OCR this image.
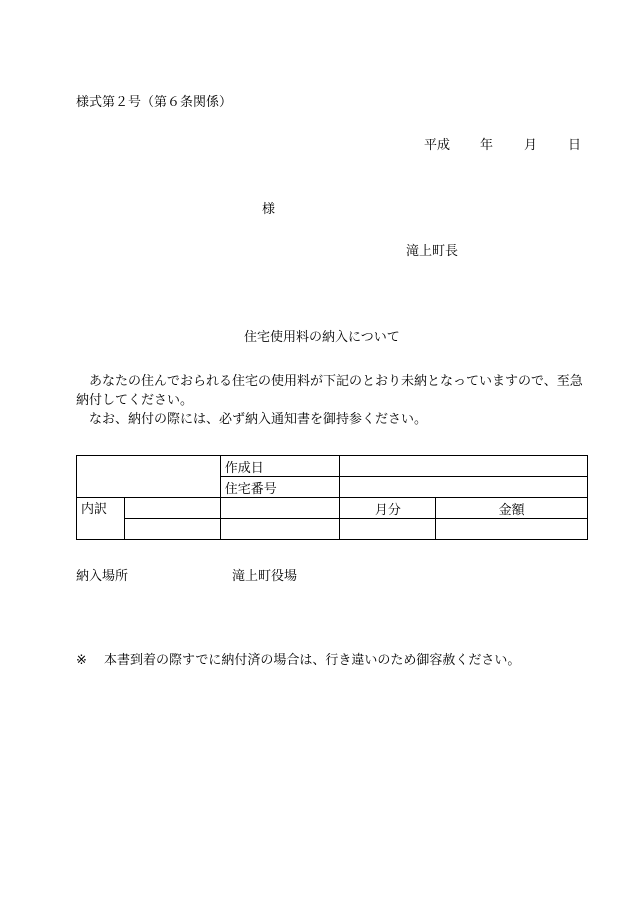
様式第２号（第６条関係）
平成 年 月 日
様
滝上町長
住宅使用料の納入について

あなたの住んでおられる住宅の使用料が下記のとおり未納となっていますので、至急納付してください。

なお、納付の際には、必ず納入通知書を御持参ください。

		作成日		
		住宅番号		
内訳			月分	金額

納入場所	滝上町役場
※ 本書到着の際すでに納付済の場合は、行き違いのため御容赦ください。
